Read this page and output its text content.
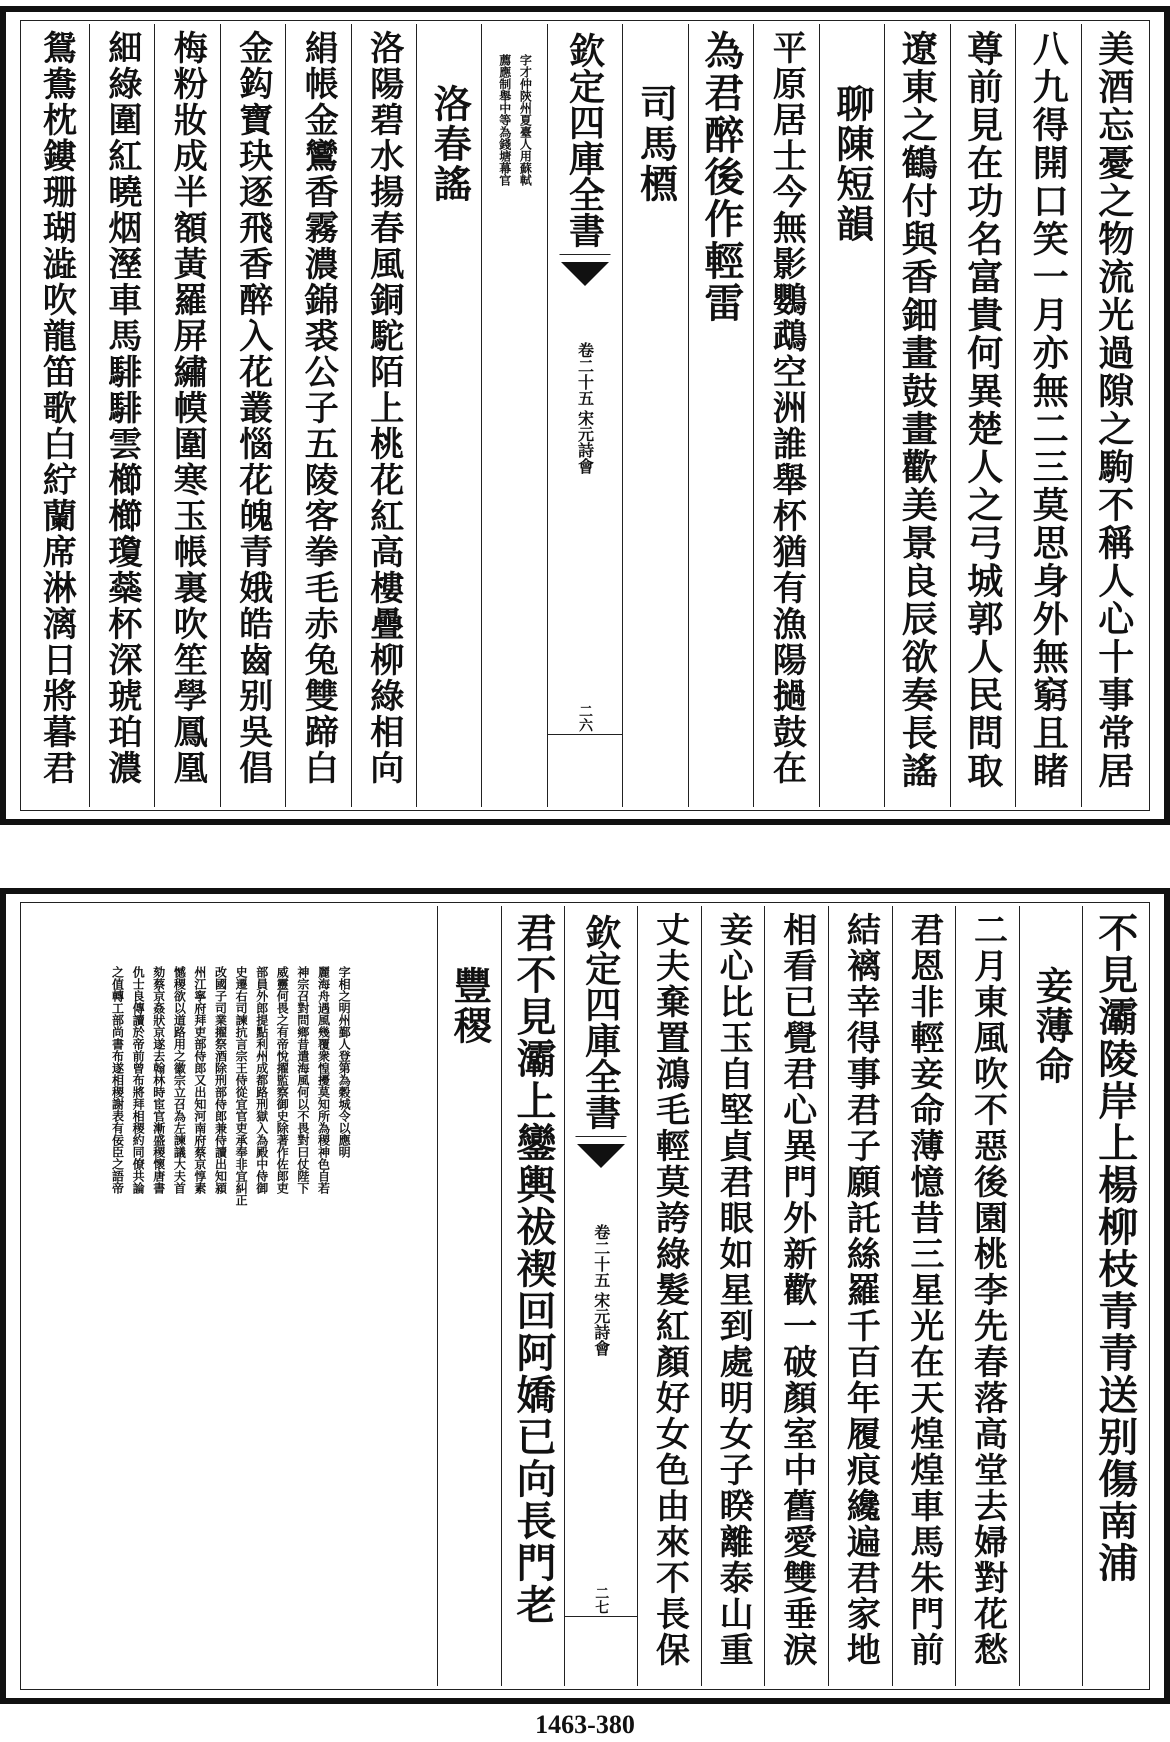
美酒忘憂之物流光過隙之駒不稱人心十事常居
八九得開口笑一月亦無二三莫思身外無窮且睹
尊前見在功名富貴何異楚人之弓城郭人民問取
遼東之鶴付與香鈿畫鼓畫歡美景良辰欲奏長謠
聊陳短韻
平原居士今無影鸚鵡空洲誰舉杯猶有漁陽撾鼓在
為君醉後作輕雷
司馬槱
欽定四庫全書
宋元詩會
卷二十五
二六
字才仲陝州夏臺人用蘇軾
薦應制舉中等為錢塘幕官
洛春謠
洛陽碧水揚春風銅駝陌上桃花紅高樓疊柳綠相向
絹帳金鸞香霧濃錦裘公子五陵客拳毛赤兔雙蹄白
金鈎寶玦逐飛香醉入花叢惱花魄青娥皓齒别吳倡
梅粉妝成半額黃羅屏繡幙圍寒玉帳裏吹笙學鳳凰
細綠圍紅曉烟溼車馬騑騑雲櫛櫛瓊蘂杯深琥珀濃
鴛鴦枕鏤珊瑚澁吹龍笛歌白紵蘭席淋漓日將暮君
不見灞陵岸上楊柳枝青青送别傷南浦
妾薄命
二月東風吹不惡後園桃李先春落高堂去婦對花愁
君恩非輕妾命薄憶昔三星光在天煌煌車馬朱門前
結褵幸得事君子願託絲羅千百年履痕纔遍君家地
相看已覺君心異門外新歡一破顏室中舊愛雙垂淚
妾心比玉自堅貞君眼如星到處明女子睽離泰山重
丈夫棄置鴻毛輕莫誇綠髮紅顏好女色由來不長保
欽定四庫全書
宋元詩會
卷二十五
二七
君不見灞上鑾輿祓禊回阿嬌已向長門老
豐稷
字相之明州鄞人登第為穀城令以應明
麗海舟遇風幾覆衆惶擾莫知所為稷神色自若
神宗召對問鄉昔遣海風何以不畏對曰仗陛下
威靈何畏之有帝悅擢監察御史除著作佐郎吏
部員外郎提點利州成都路刑獄入為殿中侍御
史遷右司諫抗言宗王侍從宜官吏承奉非宜糾正
改國子司業擢祭酒除刑部侍郎兼侍讀出知潁
州江寧府拜吏部侍郎又出知河南府蔡京惇素
憾稷欲以道路用之徽宗立召為左諫議大夫首
劾蔡京姦狀京遂去翰林時宦官漸盛稷懷唐書
仇士良傳讀於帝前曾布將拜相稷約同僚共論
之值轉工部尚書布遂相稷謝表有佞臣之語帝
1463-380
